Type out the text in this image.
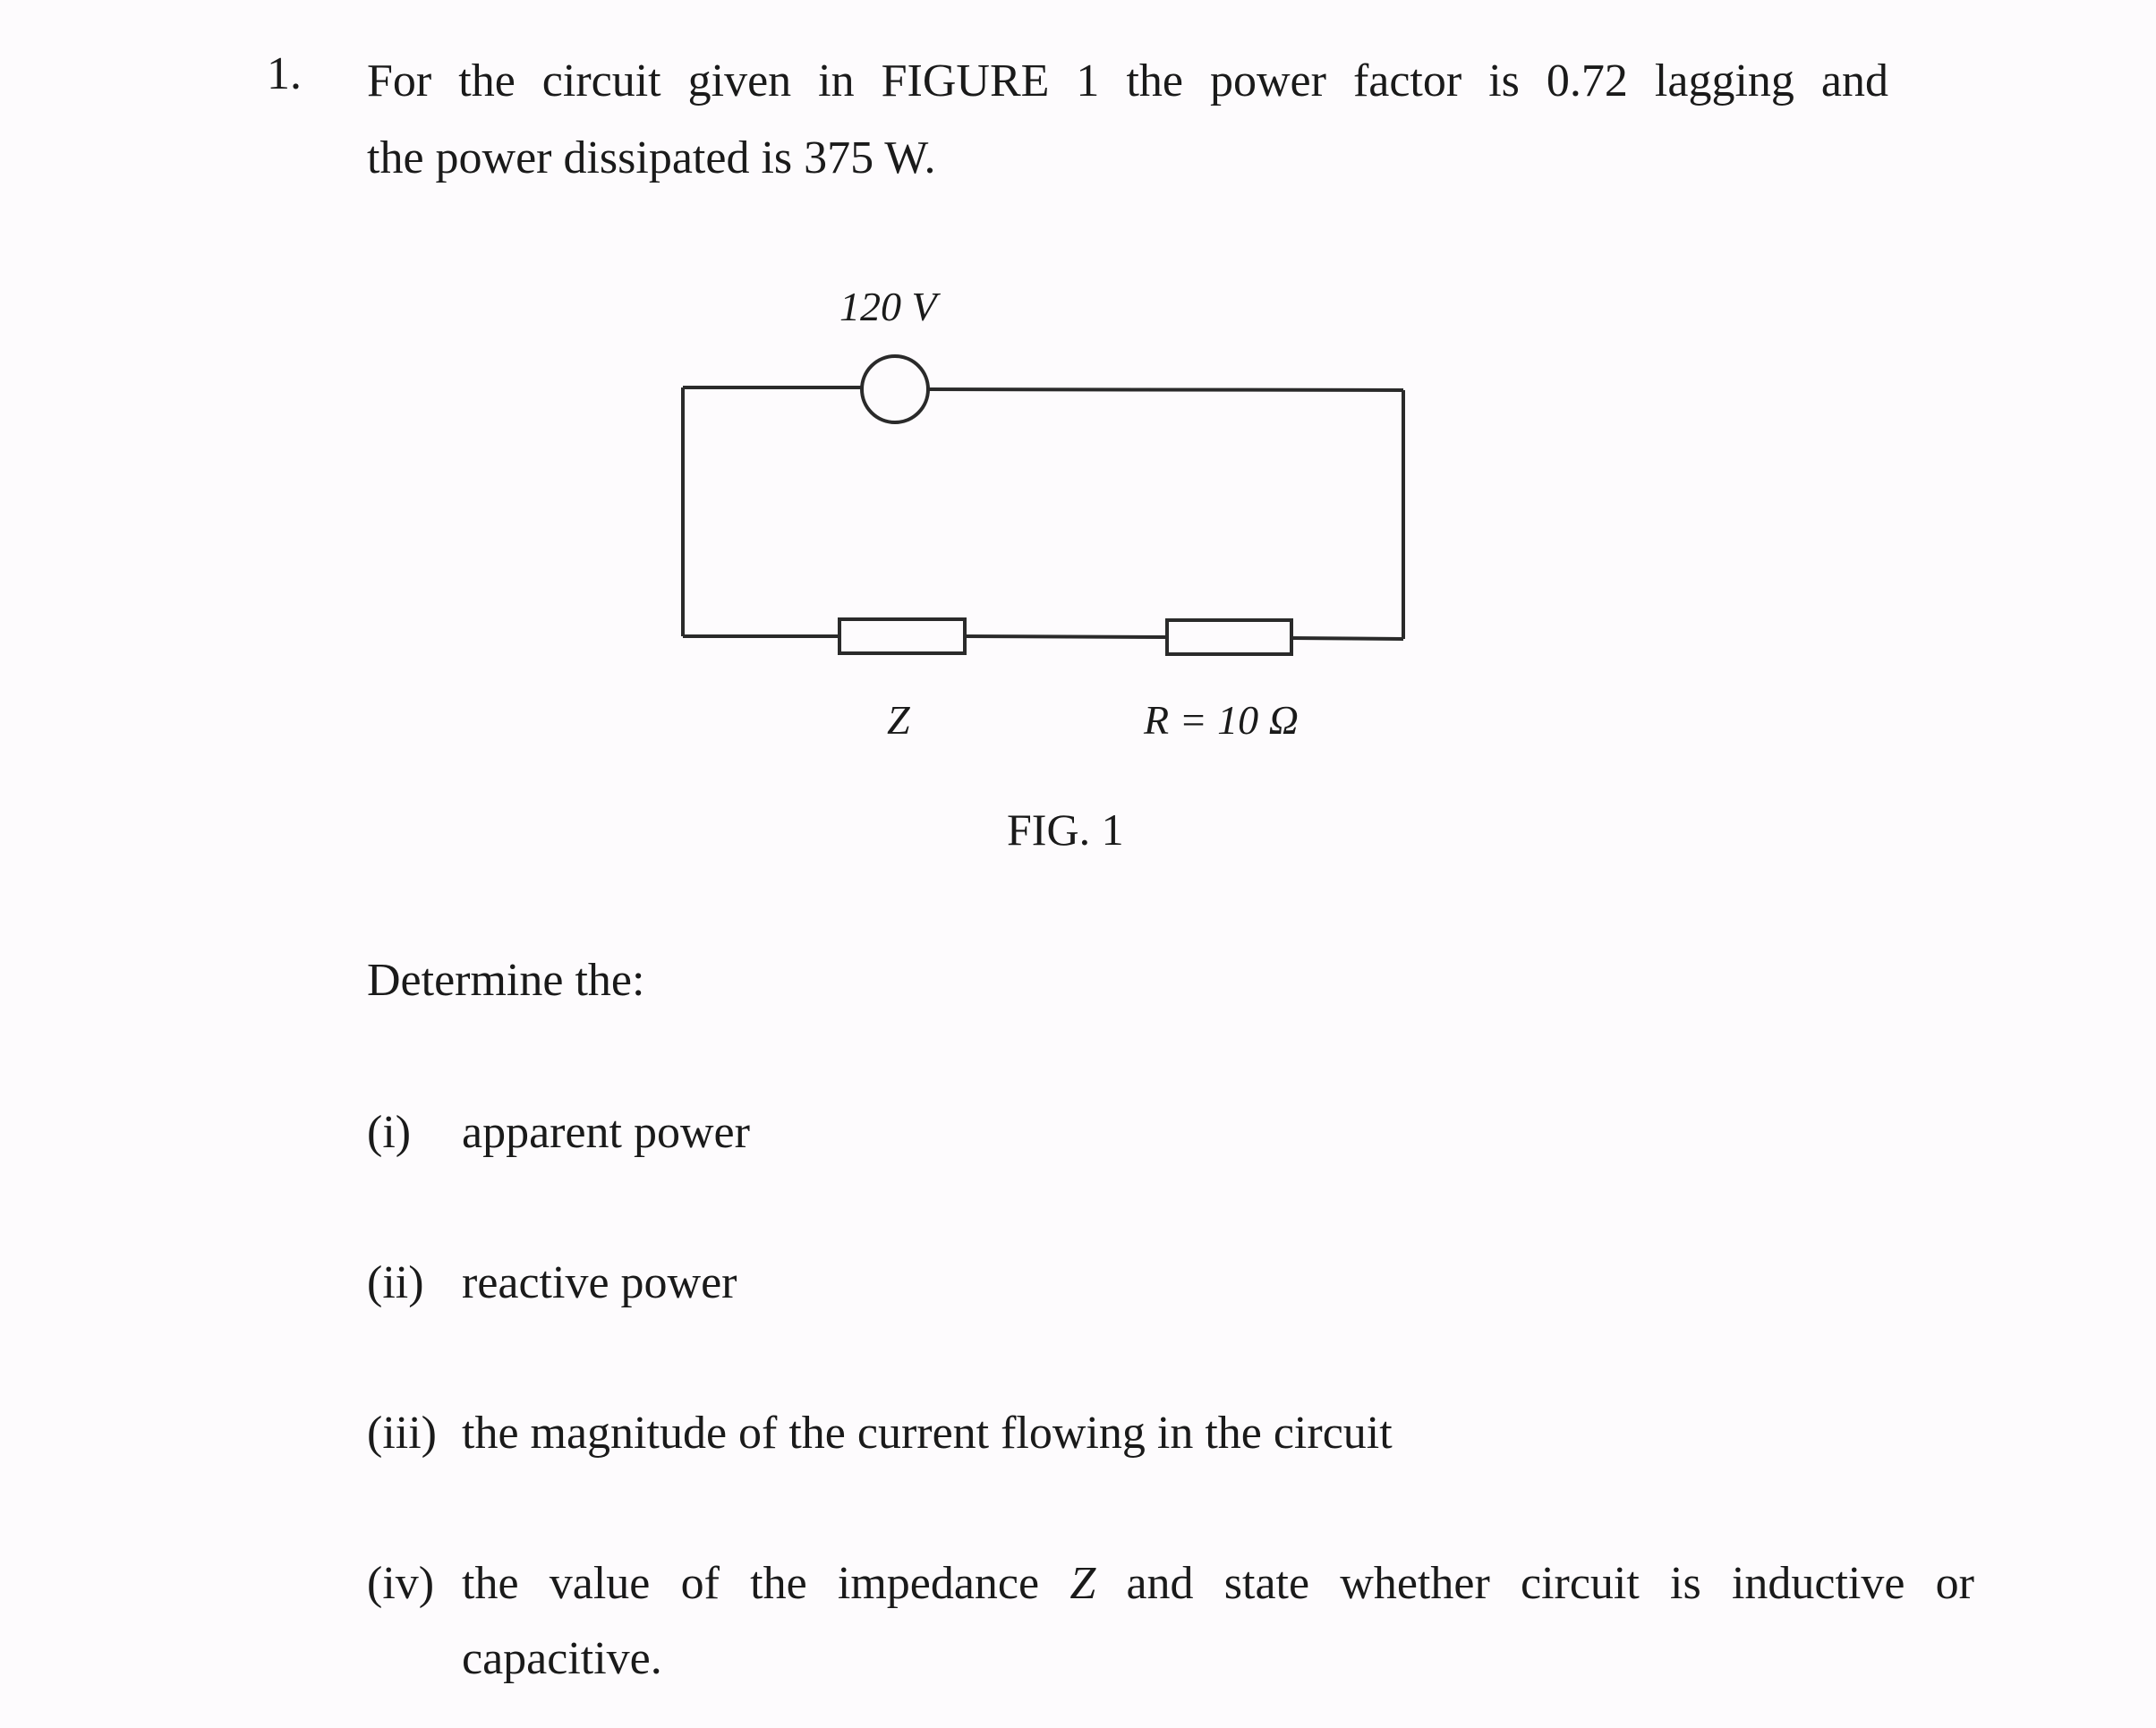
1. For the circuit given in FIGURE 1 the power factor is 0.72 lagging and
the power dissipated is 375 W.
120 V
Z	R = 10 Ω
FIG. 1
Determine the:
(i) apparent power
(ii) reactive power
(iii) the magnitude of the current flowing in the circuit
(iv) the value of the impedance Z and state whether circuit is inductive or
capacitive.
